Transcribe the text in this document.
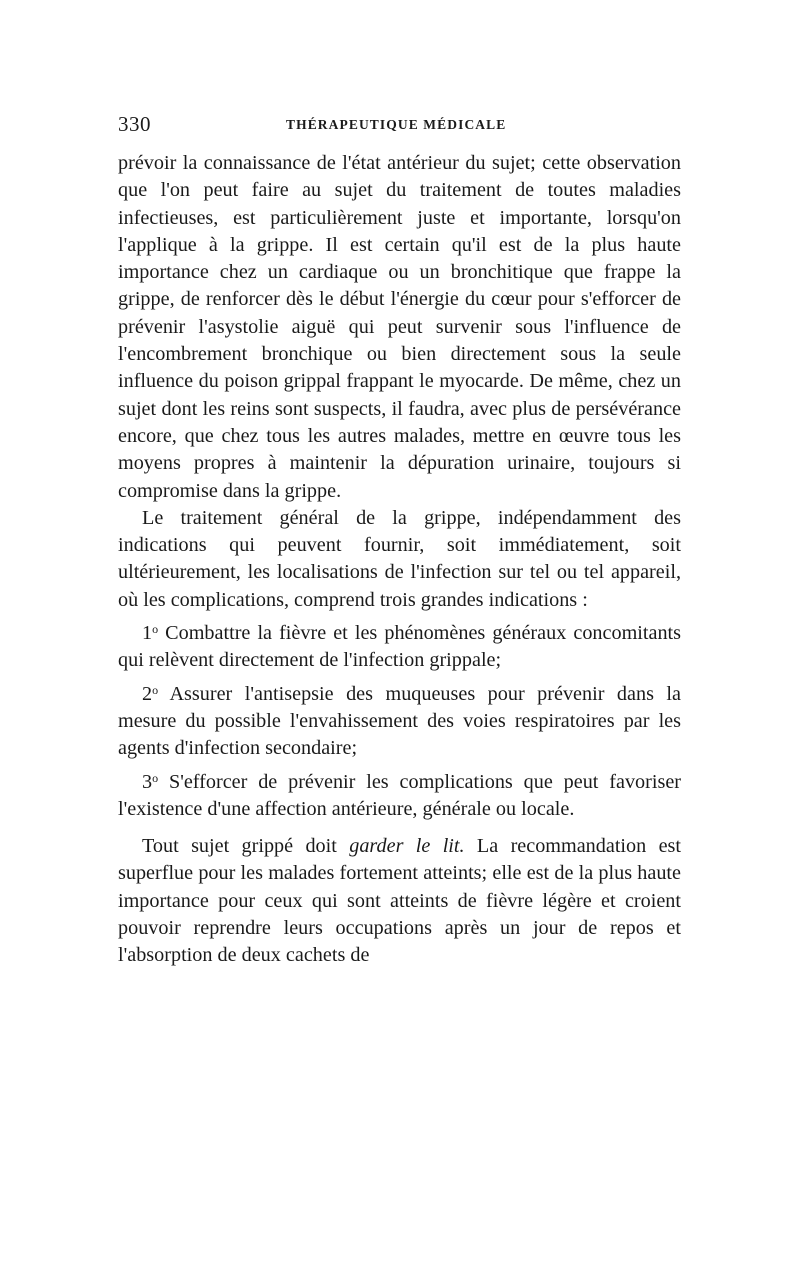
330	THÉRAPEUTIQUE MÉDICALE

prévoir la connaissance de l'état antérieur du sujet; cette observation que l'on peut faire au sujet du traitement de toutes maladies infectieuses, est particulièrement juste et importante, lorsqu'on l'applique à la grippe. Il est certain qu'il est de la plus haute importance chez un cardiaque ou un bronchitique que frappe la grippe, de renforcer dès le début l'énergie du cœur pour s'efforcer de prévenir l'asystolie aiguë qui peut survenir sous l'influence de l'encombrement bronchique ou bien directement sous la seule influence du poison grippal frappant le myocarde. De même, chez un sujet dont les reins sont suspects, il faudra, avec plus de persévérance encore, que chez tous les autres malades, mettre en œuvre tous les moyens propres à maintenir la dépuration urinaire, toujours si compromise dans la grippe.

Le traitement général de la grippe, indépendamment des indications qui peuvent fournir, soit immédiatement, soit ultérieurement, les localisations de l'infection sur tel ou tel appareil, où les complications, comprend trois grandes indications :

1$^o$ Combattre la fièvre et les phénomènes généraux concomitants qui relèvent directement de l'infection grippale;

2$^o$ Assurer l'antisepsie des muqueuses pour prévenir dans la mesure du possible l'envahissement des voies respiratoires par les agents d'infection secondaire;

3$^o$ S'efforcer de prévenir les complications que peut favoriser l'existence d'une affection antérieure, générale ou locale.

Tout sujet grippé doit garder le lit. La recommandation est superflue pour les malades fortement atteints; elle est de la plus haute importance pour ceux qui sont atteints de fièvre légère et croient pouvoir reprendre leurs occupations après un jour de repos et l'absorption de deux cachets de
